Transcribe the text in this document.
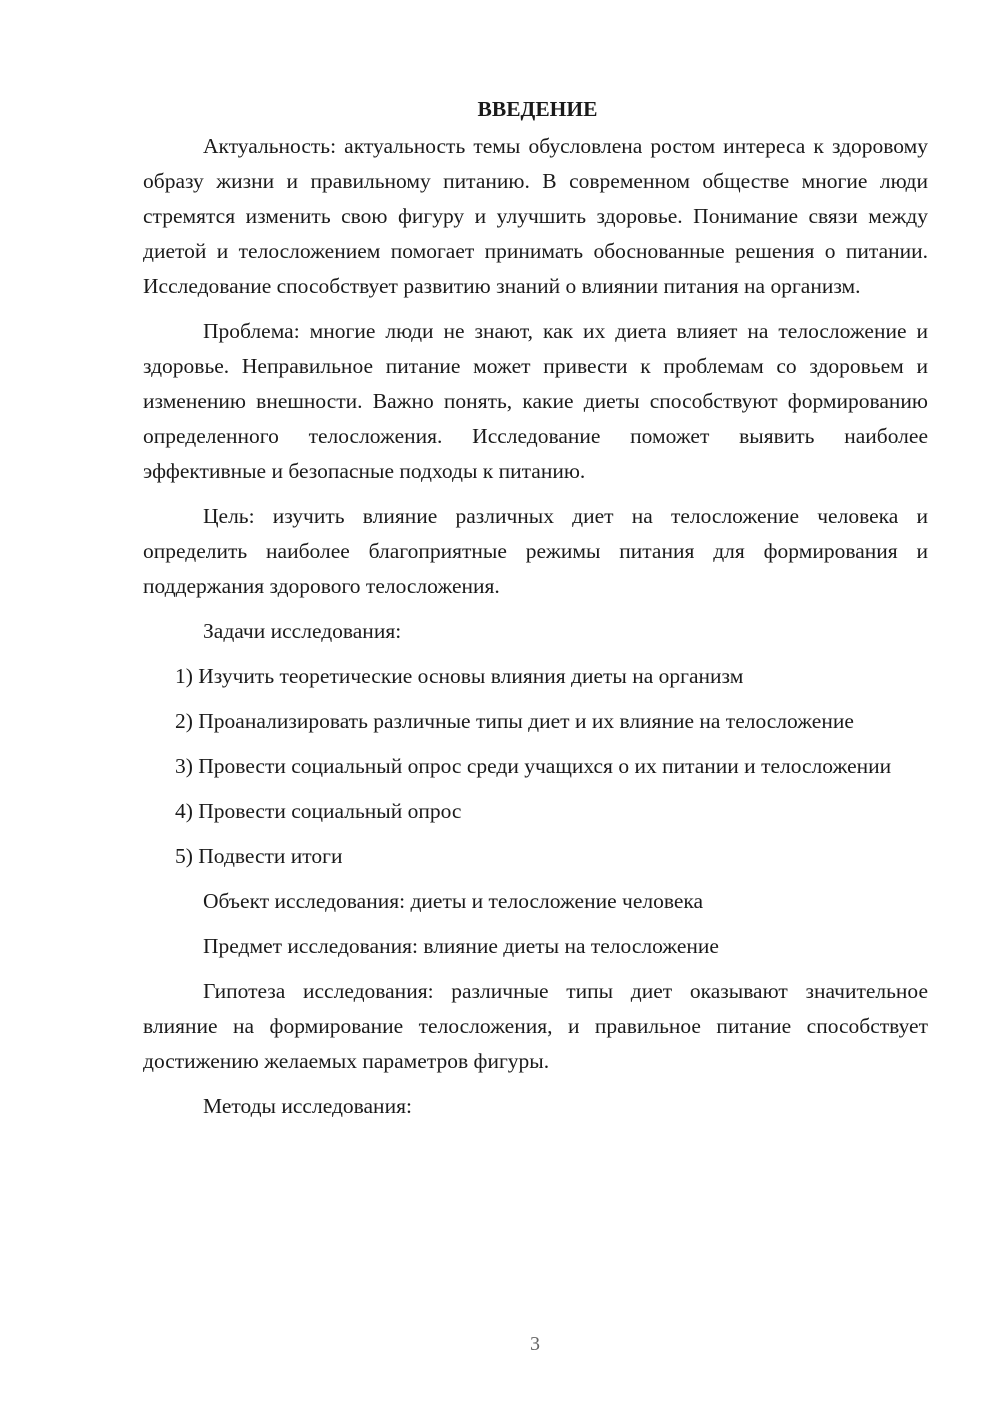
ВВЕДЕНИЕ

Актуальность: актуальность темы обусловлена ростом интереса к здоровому образу жизни и правильному питанию. В современном обществе многие люди стремятся изменить свою фигуру и улучшить здоровье. Понимание связи между диетой и телосложением помогает принимать обоснованные решения о питании. Исследование способствует развитию знаний о влиянии питания на организм.

Проблема: многие люди не знают, как их диета влияет на телосложение и здоровье. Неправильное питание может привести к проблемам со здоровьем и изменению внешности. Важно понять, какие диеты способствуют формированию определенного телосложения. Исследование поможет выявить наиболее эффективные и безопасные подходы к питанию.

Цель: изучить влияние различных диет на телосложение человека и определить наиболее благоприятные режимы питания для формирования и поддержания здорового телосложения.

Задачи исследования:

1) Изучить теоретические основы влияния диеты на организм

2) Проанализировать различные типы диет и их влияние на телосложение

3) Провести социальный опрос среди учащихся о их питании и телосложении

4) Провести социальный опрос

5) Подвести итоги

Объект исследования: диеты и телосложение человека

Предмет исследования: влияние диеты на телосложение

Гипотеза исследования: различные типы диет оказывают значительное влияние на формирование телосложения, и правильное питание способствует достижению желаемых параметров фигуры.

Методы исследования:

3
